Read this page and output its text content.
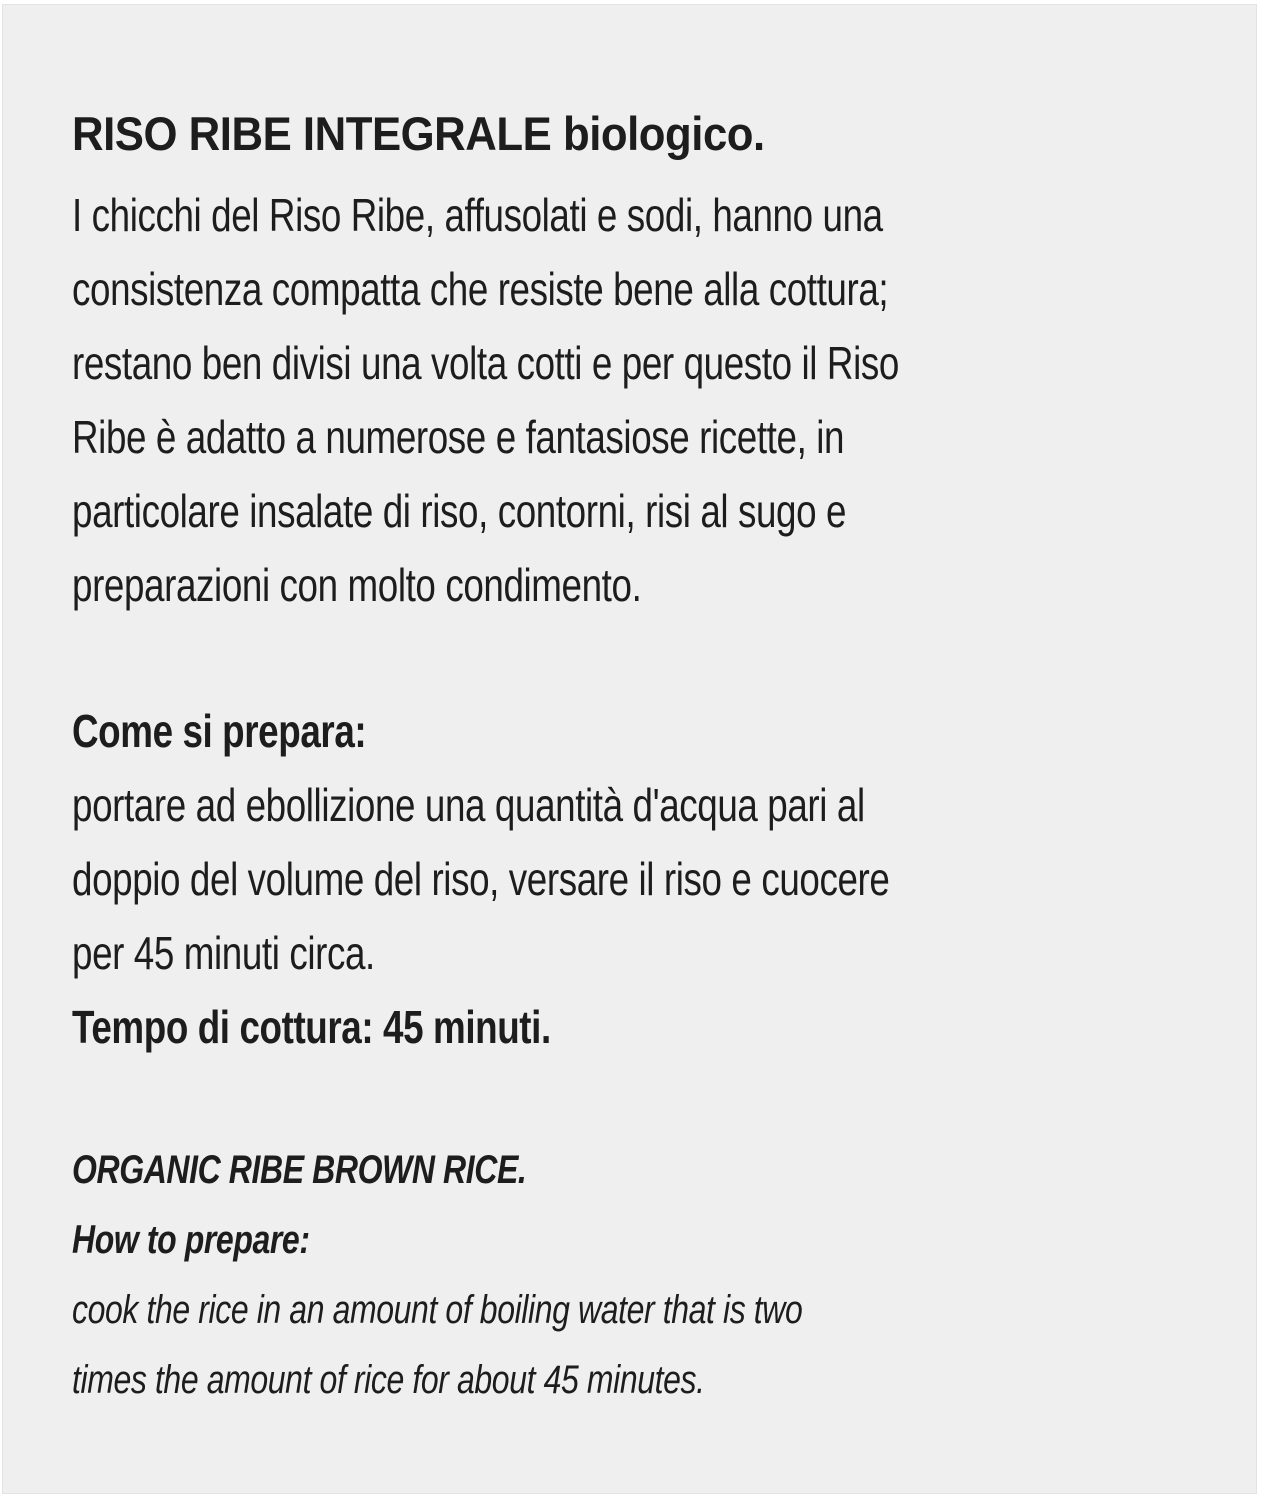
RISO RIBE INTEGRALE biologico.
I chicchi del Riso Ribe, affusolati e sodi, hanno una
consistenza compatta che resiste bene alla cottura;
restano ben divisi una volta cotti e per questo il Riso
Ribe è adatto a numerose e fantasiose ricette, in
particolare insalate di riso, contorni, risi al sugo e
preparazioni con molto condimento.
Come si prepara:
portare ad ebollizione una quantità d'acqua pari al
doppio del volume del riso, versare il riso e cuocere
per 45 minuti circa.
Tempo di cottura: 45 minuti.
ORGANIC RIBE BROWN RICE.
How to prepare:
cook the rice in an amount of boiling water that is two
times the amount of rice for about 45 minutes.
